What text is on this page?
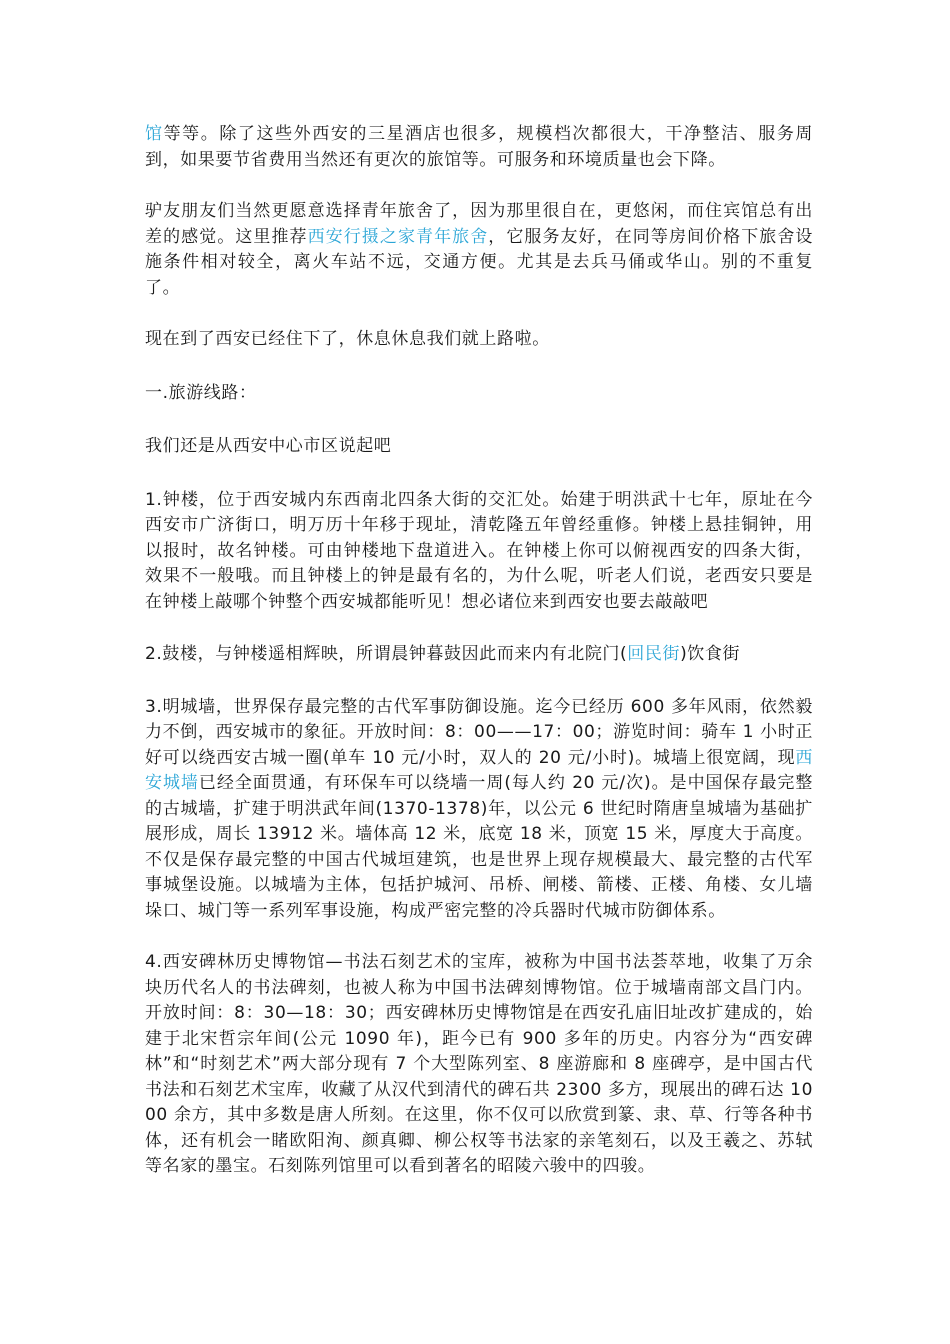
馆等等。除了这些外西安的三星酒店也很多，规模档次都很大，干净整洁、服务周到，如果要节省费用当然还有更次的旅馆等。可服务和环境质量也会下降。

驴友朋友们当然更愿意选择青年旅舍了，因为那里很自在，更悠闲，而住宾馆总有出差的感觉。这里推荐西安行摄之家青年旅舍，它服务友好，在同等房间价格下旅舍设施条件相对较全，离火车站不远，交通方便。尤其是去兵马俑或华山。别的不重复了。

现在到了西安已经住下了，休息休息我们就上路啦。

一.旅游线路：

我们还是从西安中心市区说起吧

1.钟楼，位于西安城内东西南北四条大街的交汇处。始建于明洪武十七年，原址在今西安市广济街口，明万历十年移于现址，清乾隆五年曾经重修。钟楼上悬挂铜钟，用以报时，故名钟楼。可由钟楼地下盘道进入。在钟楼上你可以俯视西安的四条大街，效果不一般哦。而且钟楼上的钟是最有名的，为什么呢，听老人们说，老西安只要是在钟楼上敲哪个钟整个西安城都能听见！想必诸位来到西安也要去敲敲吧

2.鼓楼，与钟楼遥相辉映，所谓晨钟暮鼓因此而来内有北院门(回民街)饮食街

3.明城墙，世界保存最完整的古代军事防御设施。迄今已经历 600 多年风雨，依然毅力不倒，西安城市的象征。开放时间：8：00——17：00；游览时间：骑车 1 小时正好可以绕西安古城一圈(单车 10 元/小时，双人的 20 元/小时)。城墙上很宽阔，现西安城墙已经全面贯通，有环保车可以绕墙一周(每人约 20 元/次)。是中国保存最完整的古城墙，扩建于明洪武年间(1370-1378)年，以公元 6 世纪时隋唐皇城墙为基础扩展形成，周长 13912 米。墙体高 12 米，底宽 18 米，顶宽 15 米，厚度大于高度。不仅是保存最完整的中国古代城垣建筑，也是世界上现存规模最大、最完整的古代军事城堡设施。以城墙为主体，包括护城河、吊桥、闸楼、箭楼、正楼、角楼、女儿墙垛口、城门等一系列军事设施，构成严密完整的冷兵器时代城市防御体系。

4.西安碑林历史博物馆—书法石刻艺术的宝库，被称为中国书法荟萃地，收集了万余块历代名人的书法碑刻，也被人称为中国书法碑刻博物馆。位于城墙南部文昌门内。开放时间：8：30—18：30；西安碑林历史博物馆是在西安孔庙旧址改扩建成的，始建于北宋哲宗年间(公元 1090 年)，距今已有 900 多年的历史。内容分为“西安碑林”和“时刻艺术”两大部分现有 7 个大型陈列室、8 座游廊和 8 座碑亭，是中国古代书法和石刻艺术宝库，收藏了从汉代到清代的碑石共 2300 多方，现展出的碑石达 1000 余方，其中多数是唐人所刻。在这里，你不仅可以欣赏到篆、隶、草、行等各种书体，还有机会一睹欧阳洵、颜真卿、柳公权等书法家的亲笔刻石，以及王羲之、苏轼等名家的墨宝。石刻陈列馆里可以看到著名的昭陵六骏中的四骏。
